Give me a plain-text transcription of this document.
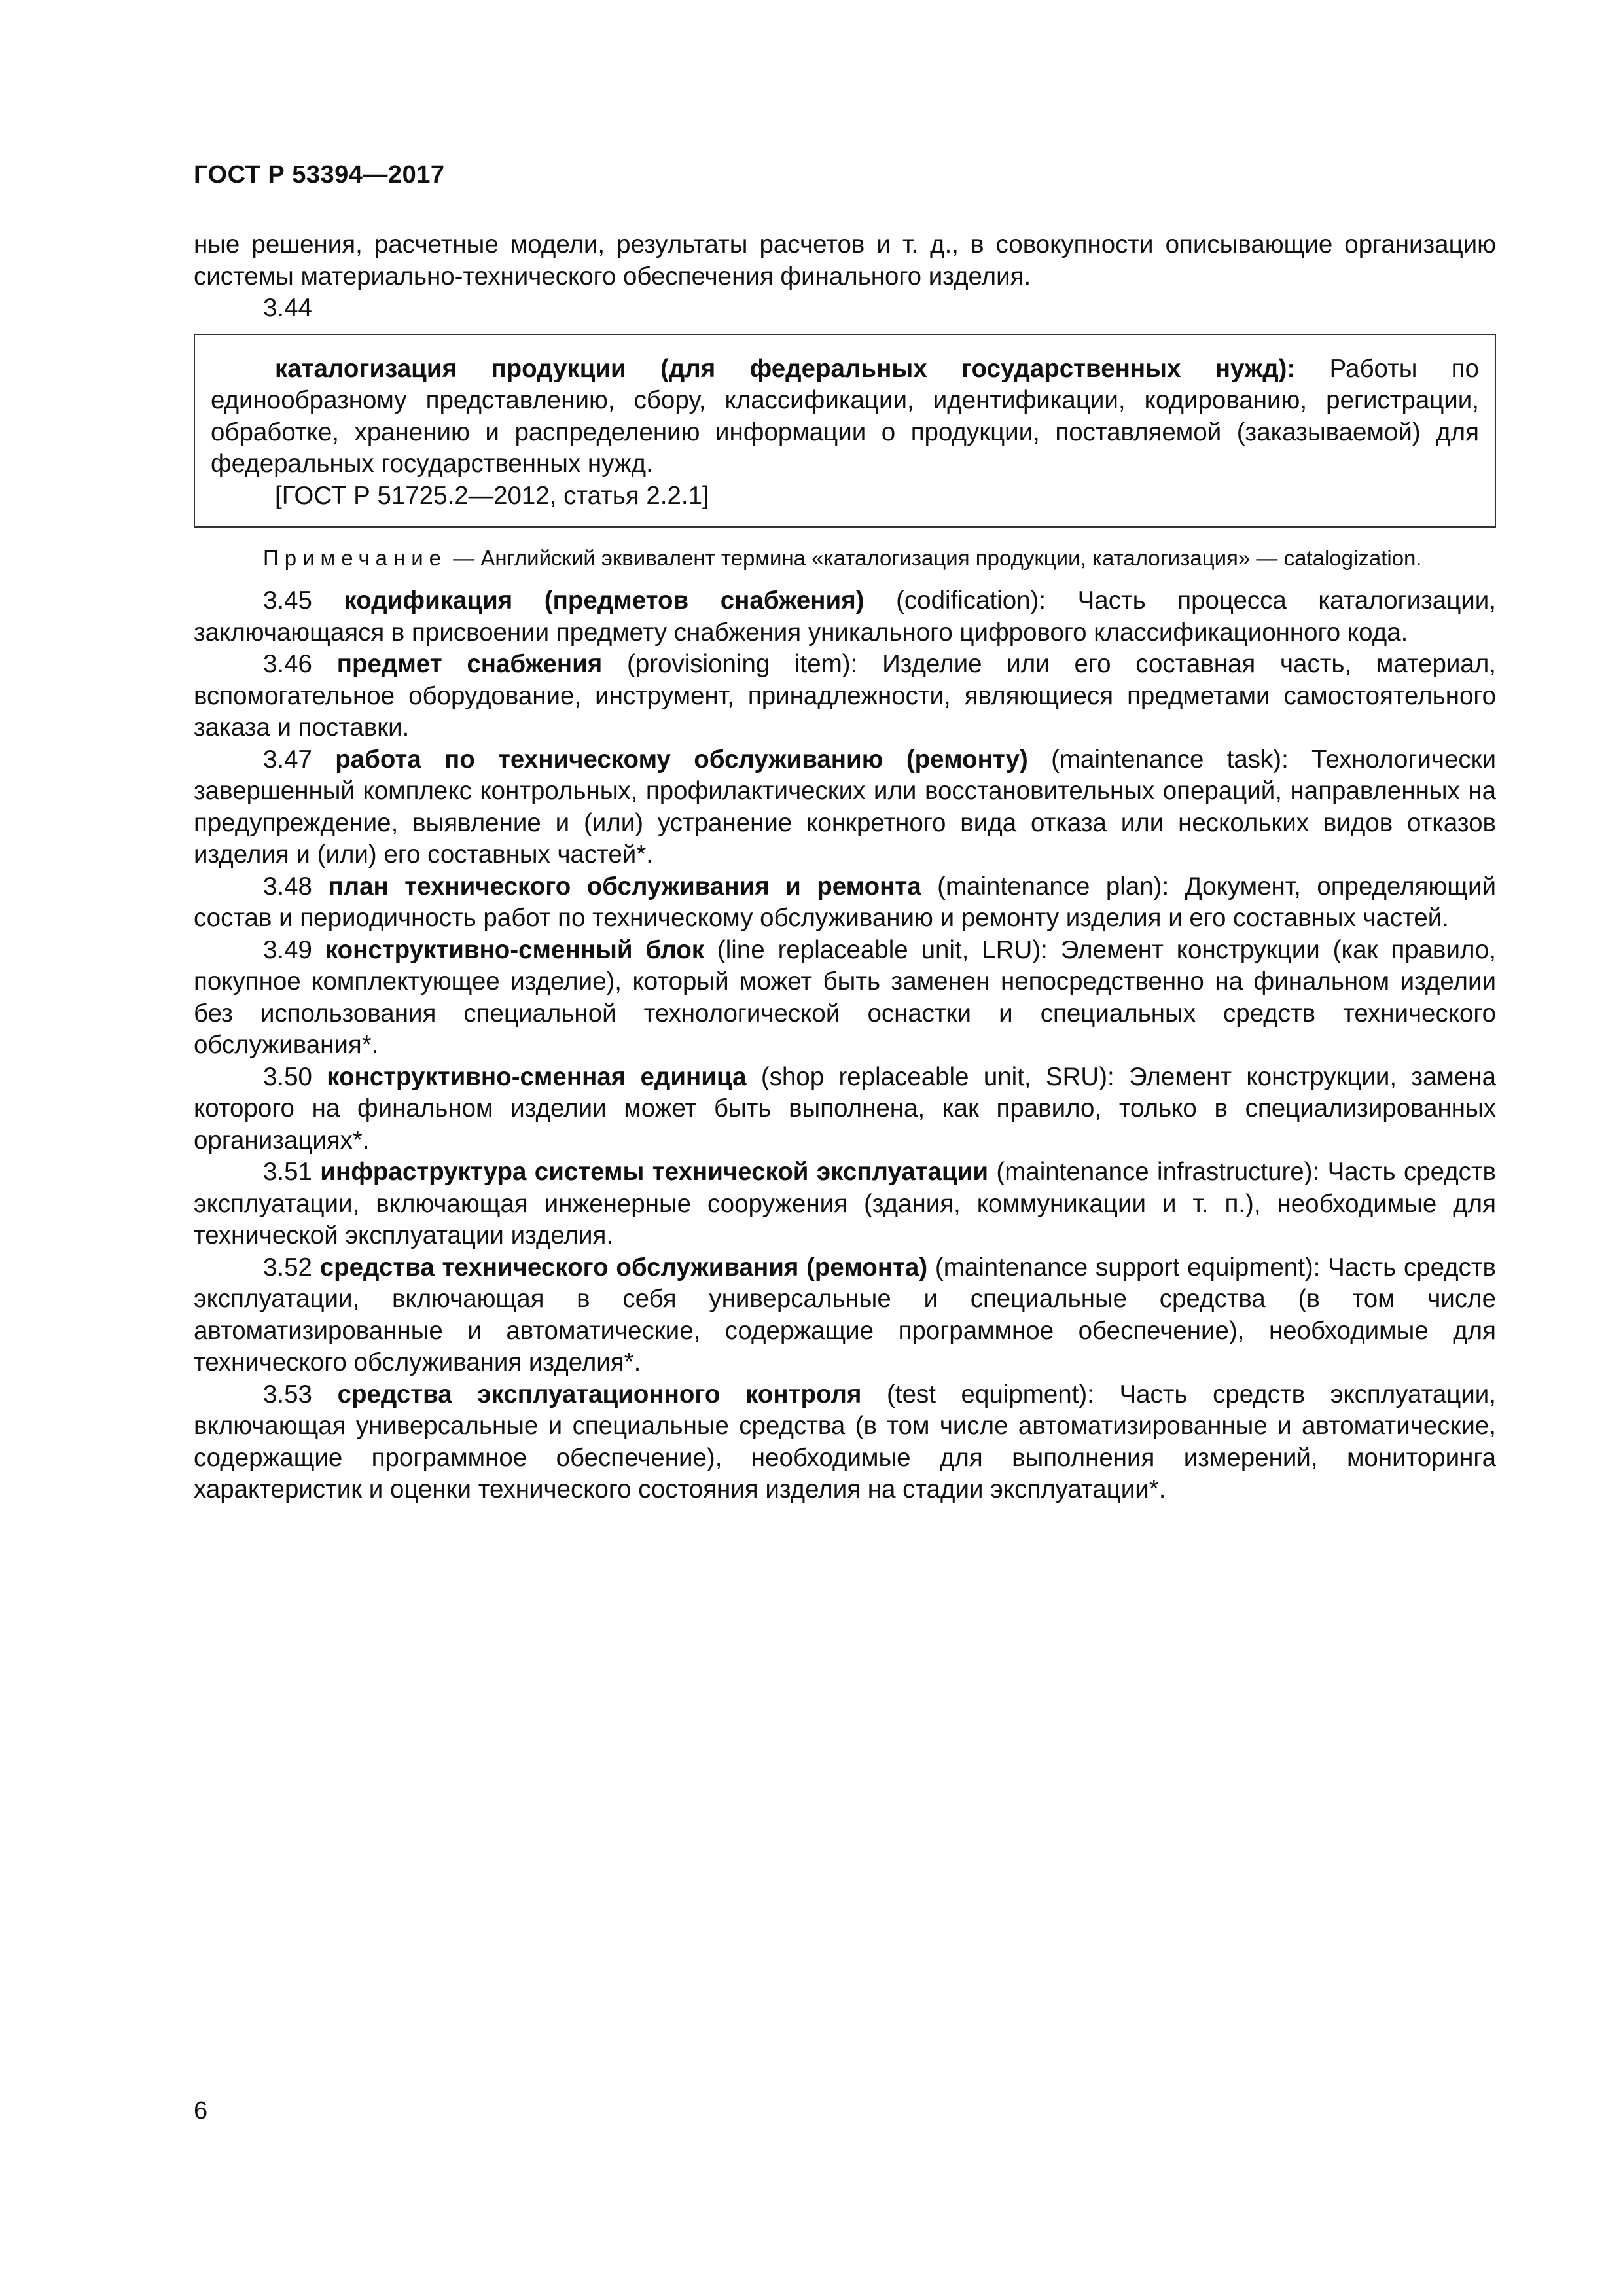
ГОСТ Р 53394—2017

ные решения, расчетные модели, результаты расчетов и т. д., в совокупности описывающие организацию системы материально-технического обеспечения финального изделия.

3.44

каталогизация продукции (для федеральных государственных нужд): Работы по единообразному представлению, сбору, классификации, идентификации, кодированию, регистрации, обработке, хранению и распределению информации о продукции, поставляемой (заказываемой) для федеральных государственных нужд.

[ГОСТ Р 51725.2—2012, статья 2.2.1]

Примечание — Английский эквивалент термина «каталогизация продукции, каталогизация» — catalogization.

3.45 кодификация (предметов снабжения) (codification): Часть процесса каталогизации, заключающаяся в присвоении предмету снабжения уникального цифрового классификационного кода.

3.46 предмет снабжения (provisioning item): Изделие или его составная часть, материал, вспомогательное оборудование, инструмент, принадлежности, являющиеся предметами самостоятельного заказа и поставки.

3.47 работа по техническому обслуживанию (ремонту) (maintenance task): Технологически завершенный комплекс контрольных, профилактических или восстановительных операций, направленных на предупреждение, выявление и (или) устранение конкретного вида отказа или нескольких видов отказов изделия и (или) его составных частей*.

3.48 план технического обслуживания и ремонта (maintenance plan): Документ, определяющий состав и периодичность работ по техническому обслуживанию и ремонту изделия и его составных частей.

3.49 конструктивно-сменный блок (line replaceable unit, LRU): Элемент конструкции (как правило, покупное комплектующее изделие), который может быть заменен непосредственно на финальном изделии без использования специальной технологической оснастки и специальных средств технического обслуживания*.

3.50 конструктивно-сменная единица (shop replaceable unit, SRU): Элемент конструкции, замена которого на финальном изделии может быть выполнена, как правило, только в специализированных организациях*.

3.51 инфраструктура системы технической эксплуатации (maintenance infrastructure): Часть средств эксплуатации, включающая инженерные сооружения (здания, коммуникации и т. п.), необходимые для технической эксплуатации изделия.

3.52 средства технического обслуживания (ремонта) (maintenance support equipment): Часть средств эксплуатации, включающая в себя универсальные и специальные средства (в том числе автоматизированные и автоматические, содержащие программное обеспечение), необходимые для технического обслуживания изделия*.

3.53 средства эксплуатационного контроля (test equipment): Часть средств эксплуатации, включающая универсальные и специальные средства (в том числе автоматизированные и автоматические, содержащие программное обеспечение), необходимые для выполнения измерений, мониторинга характеристик и оценки технического состояния изделия на стадии эксплуатации*.

6
